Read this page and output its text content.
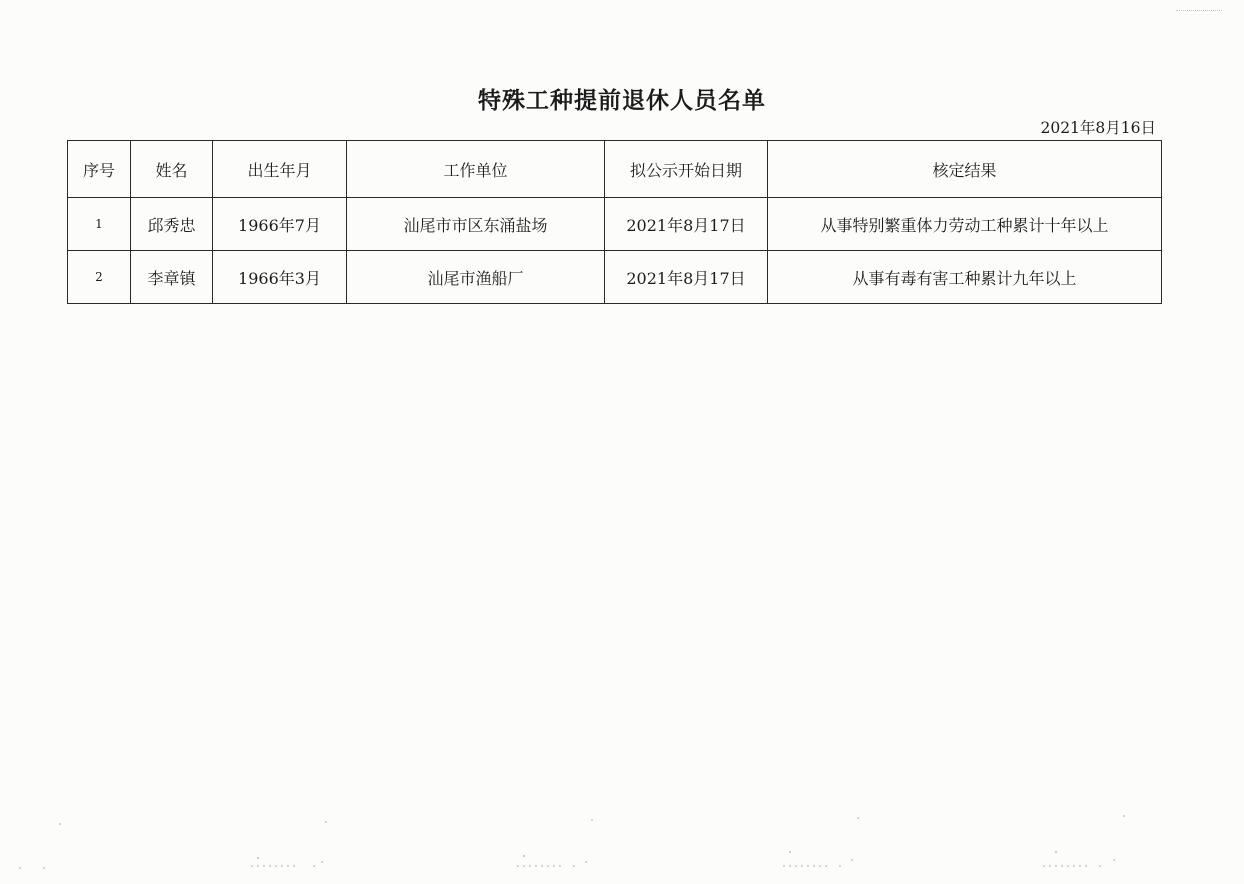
特殊工种提前退休人员名单
2021年8月16日
序号	姓名	出生年月	工作单位	拟公示开始日期	核定结果
1	邱秀忠	1966年7月	汕尾市市区东涌盐场	2021年8月17日	从事特别繁重体力劳动工种累计十年以上
2	李章镇	1966年3月	汕尾市渔船厂	2021年8月17日	从事有毒有害工种累计九年以上
